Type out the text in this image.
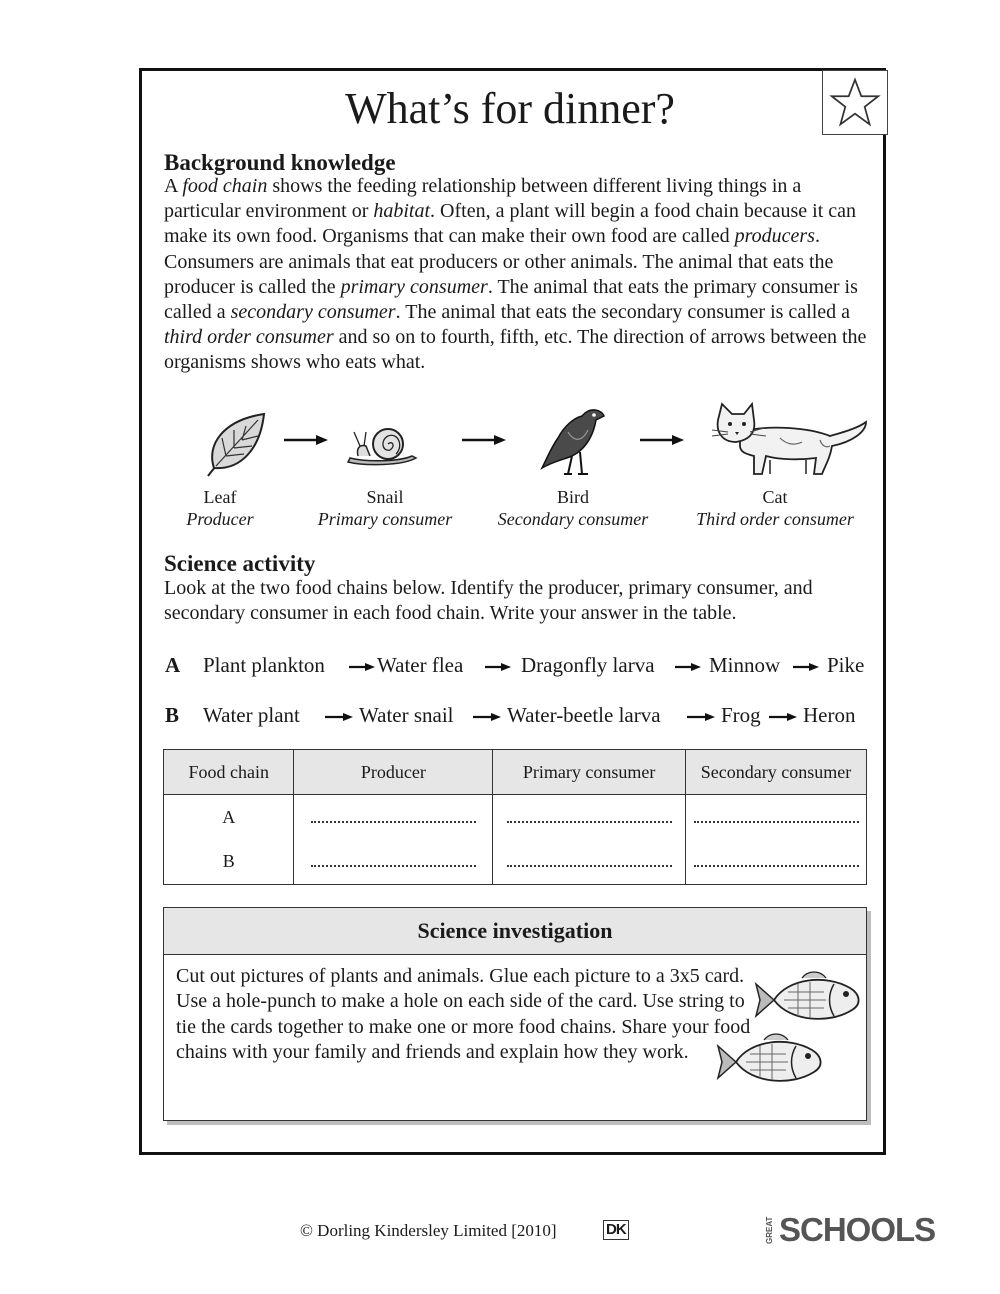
What’s for dinner?
Background knowledge

A food chain shows the feeding relationship between different living things in a particular environment or habitat. Often, a plant will begin a food chain because it can make its own food. Organisms that can make their own food are called producers. Consumers are animals that eat producers or other animals. The animal that eats the producer is called the primary consumer. The animal that eats the primary consumer is called a secondary consumer. The animal that eats the secondary consumer is called a third order consumer and so on to fourth, fifth, etc. The direction of arrows between the organisms shows who eats what.

Leaf
Producer
Snail
Primary consumer
Bird
Secondary consumer
Cat
Third order consumer
Science activity

Look at the two food chains below. Identify the producer, primary consumer, and secondary consumer in each food chain. Write your answer in the table.

A Plant plankton Water flea	Dragonfly larva	Minnow Pike
B Water plant	Water snail	Water-beetle larva	Frog Heron
Food chain	Producer	Primary consumer	Secondary consumer
A			
B			
Science investigation
Cut out pictures of plants and animals. Glue each picture to a 3x5 card. Use a hole-punch to make a hole on each side of the card. Use string to tie the cards together to make one or more food chains. Share your food chains with your family and friends and explain how they work.
© Dorling Kindersley Limited [2010]	DK	GREAT SCHOOLS
